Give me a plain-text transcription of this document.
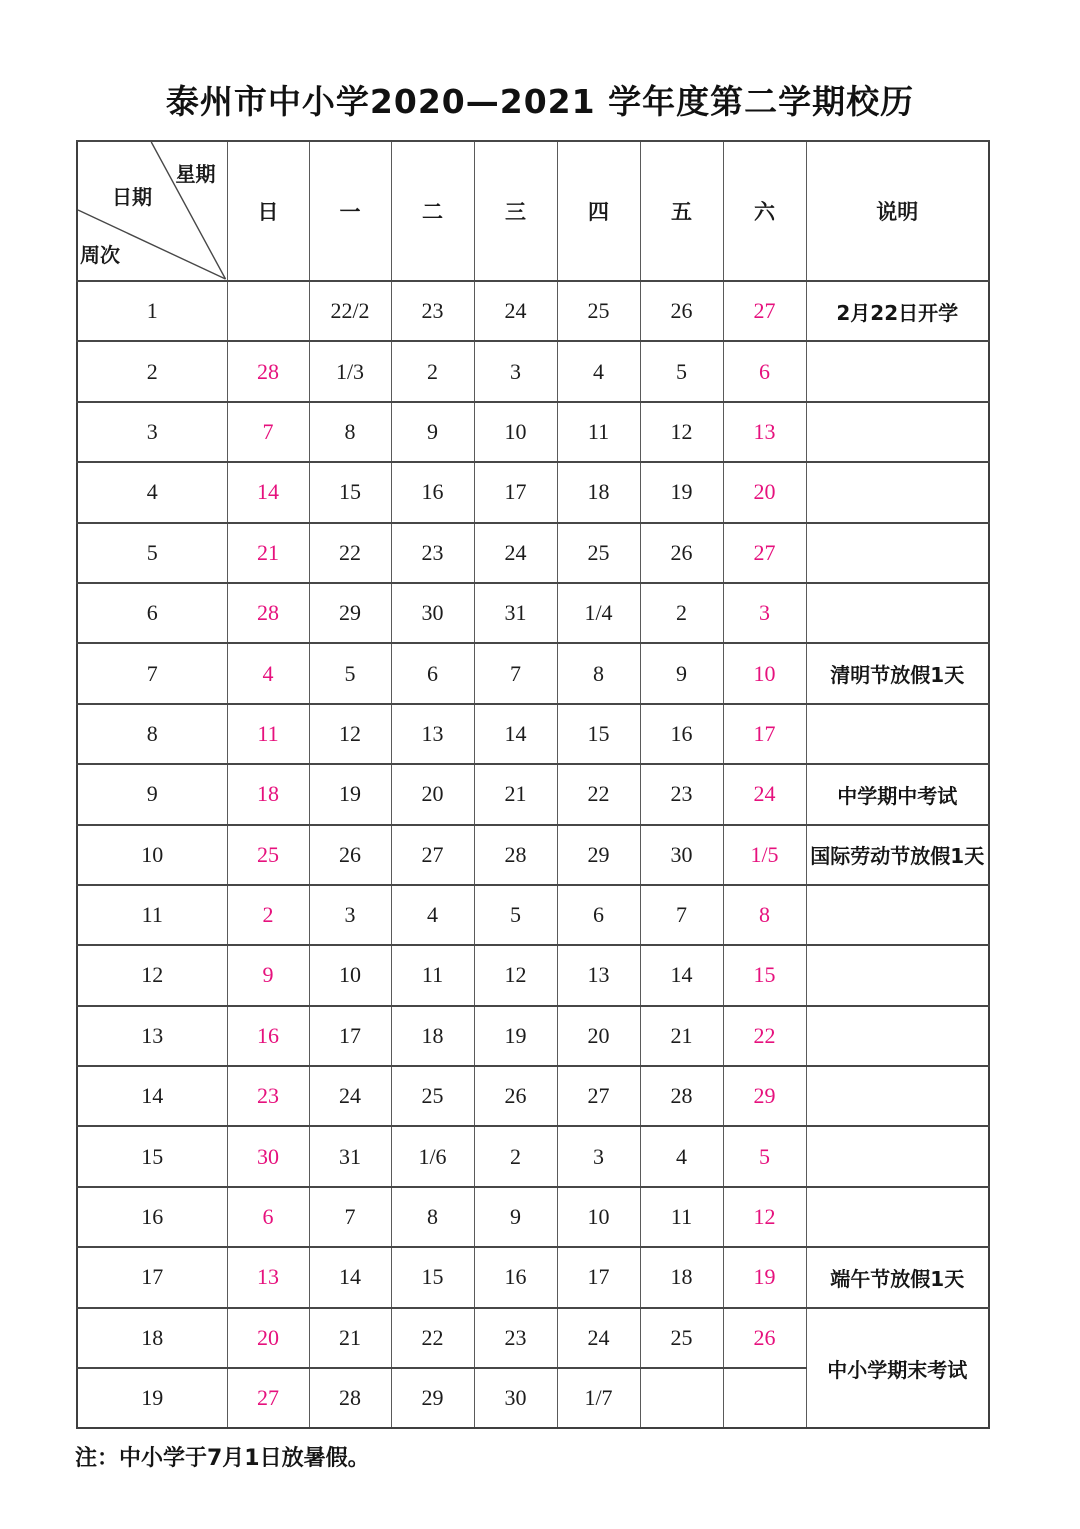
泰州市中小学2020—2021 学年度第二学期校历
星期
日期
周次	日	一	二	三	四	五	六	说明
1		22/2	23	24	25	26	27	2月22日开学
2	28	1/3	2	3	4	5	6	
3	7	8	9	10	11	12	13	
4	14	15	16	17	18	19	20	
5	21	22	23	24	25	26	27	
6	28	29	30	31	1/4	2	3	
7	4	5	6	7	8	9	10	清明节放假1天
8	11	12	13	14	15	16	17	
9	18	19	20	21	22	23	24	中学期中考试
10	25	26	27	28	29	30	1/5	国际劳动节放假1天
11	2	3	4	5	6	7	8	
12	9	10	11	12	13	14	15	
13	16	17	18	19	20	21	22	
14	23	24	25	26	27	28	29	
15	30	31	1/6	2	3	4	5	
16	6	7	8	9	10	11	12	
17	13	14	15	16	17	18	19	端午节放假1天
18	20	21	22	23	24	25	26	中小学期末考试
19	27	28	29	30	1/7			

注：中小学于7月1日放暑假。
